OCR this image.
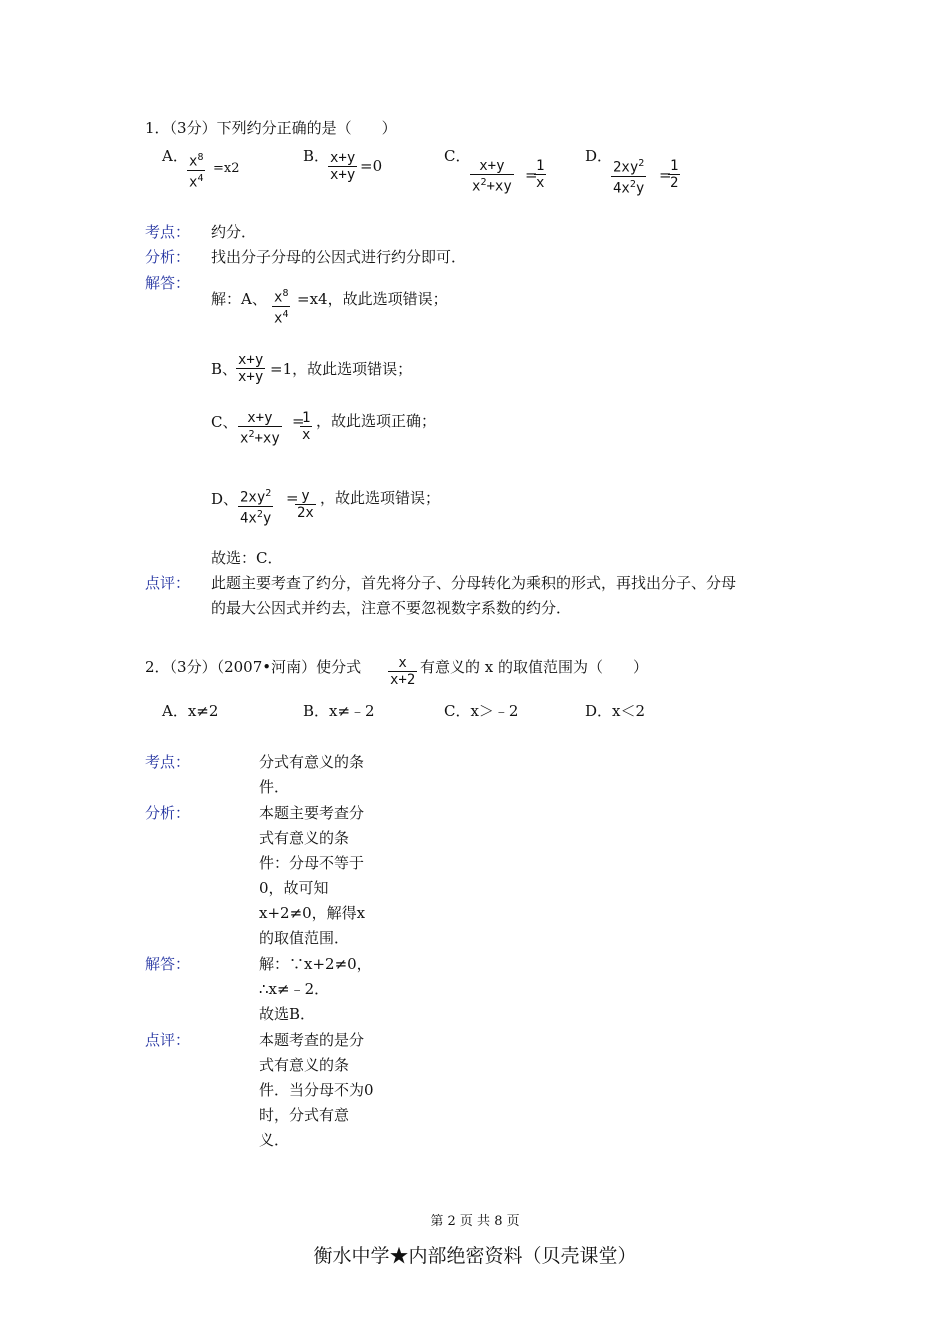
1．（3分）下列约分正确的是（　　）
A． $\frac{x^8}{x^4} =x2$
B．
$\frac{x+y}{x+y} =0$
C．
$\frac{x+y}{x^2+xy}$ =
$\frac{1}{x}$
D．
$\frac{2xy^2}{4x^2y}$ =
$\frac{1}{2}$
考点： 约分．
分析： 找出分子分母的公因式进行约分即可．
解答：
解：A、 $\frac{x^8}{x^4} =x4$，故此选项错误；
B、
$\frac{x+y}{x+y} =1$，故此选项错误；
C、 $\frac{x+y}{x^2+xy}$ =
$\frac{1}{x}$ ，故此选项正确；
D、 $\frac{2xy^2}{4x^2y}$ =
$\frac{y}{2x}$ ，故此选项错误；
故选：C．
点评： 此题主要考查了约分，首先将分子、分母转化为乘积的形式，再找出分子、分母
的最大公因式并约去，注意不要忽视数字系数的约分．
2．（3分）（2007•河南）使分式 $\frac{x}{x+2}$ 有意义的 x 的取值范围为（　　）
A．x≠2	B．x≠﹣2	C．x＞﹣2	D．x＜2
考点：	分式有意义的条件．
分析：	本题主要考查分式有意义的条件：分母不等于0，故可知x+2≠0，解得x的取值范围．
解答：	解：∵x+2≠0，
∴x≠﹣2．
故选B．
点评：	本题考查的是分式有意义的条件．当分母不为0时，分式有意义．
第 2 页 共 8 页
衡水中学★内部绝密资料（贝壳课堂）
